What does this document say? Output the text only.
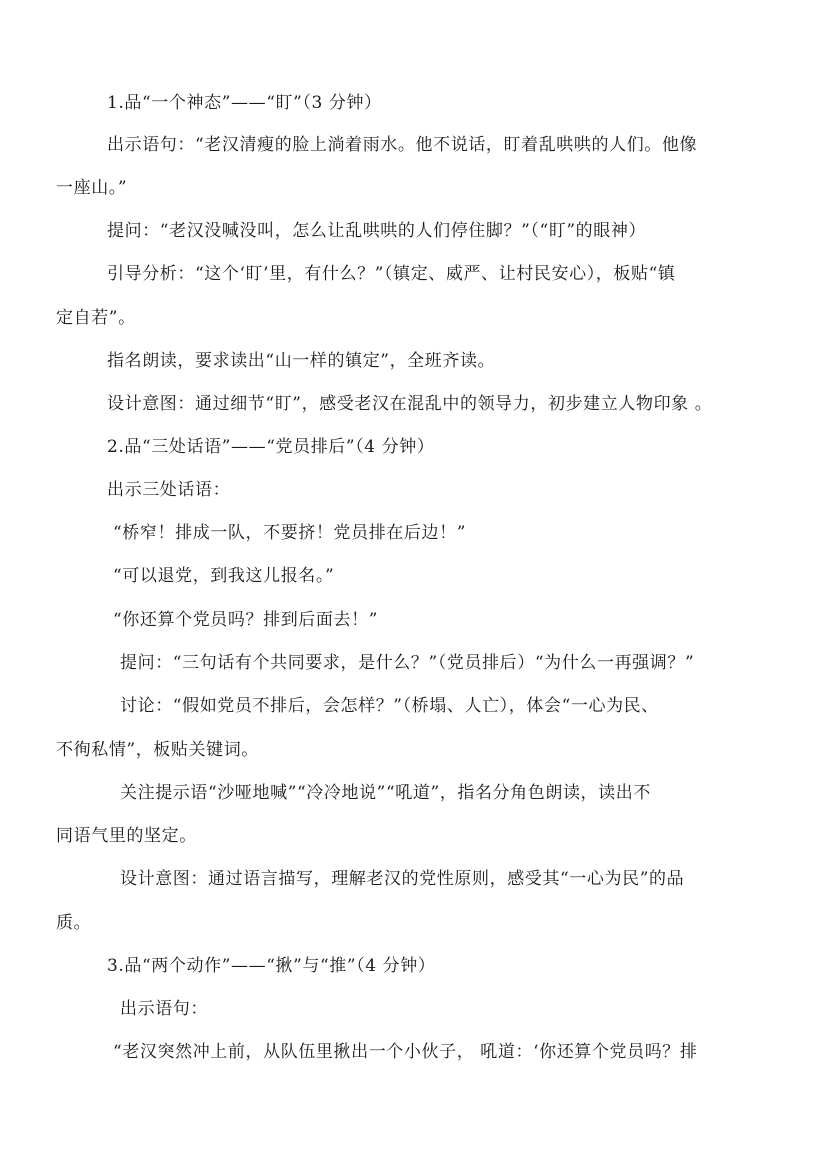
1.品“一个神态”——“盯”（3 分钟）
出示语句：“老汉清瘦的脸上淌着雨水。他不说话，盯着乱哄哄的人们。他像
一座山。”
提问：“老汉没喊没叫，怎么让乱哄哄的人们停住脚？”（“盯”的眼神）
引导分析：“这个‘盯’里，有什么？”（镇定、威严、让村民安心），板贴“镇
定自若”。
指名朗读，要求读出“山一样的镇定”，全班齐读。
设计意图：通过细节“盯”，感受老汉在混乱中的领导力，初步建立人物印象 。
2.品“三处话语”——“党员排后”（4 分钟）
出示三处话语：
“桥窄！排成一队，不要挤！党员排在后边！”
“可以退党，到我这儿报名。”
“你还算个党员吗？排到后面去！”
提问：“三句话有个共同要求，是什么？”（党员排后）“为什么一再强调？”
讨论：“假如党员不排后，会怎样？”（桥塌、人亡），体会“一心为民、
不徇私情”，板贴关键词。
关注提示语“沙哑地喊”“冷冷地说”“吼道”，指名分角色朗读，读出不
同语气里的坚定。
设计意图：通过语言描写，理解老汉的党性原则，感受其“一心为民”的品
质。
3.品“两个动作”——“揪”与“推”（4 分钟）
出示语句：
“老汉突然冲上前，从队伍里揪出一个小伙子， 吼道：‘你还算个党员吗？排
